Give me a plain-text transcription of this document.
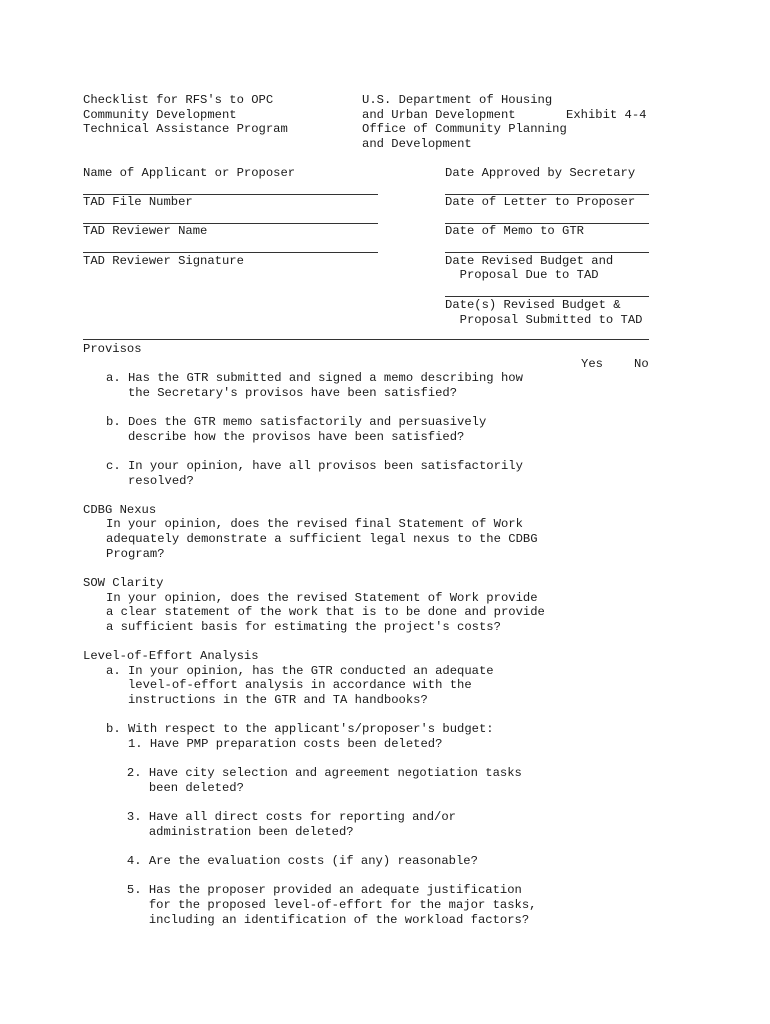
Checklist for RFS's to OPC
Community Development
Technical Assistance Program
U.S. Department of Housing
and Urban Development
Office of Community Planning
and Development
Exhibit 4-4
Name of Applicant or Proposer
TAD File Number
TAD Reviewer Name
TAD Reviewer Signature
Date Approved by Secretary
Date of Letter to Proposer
Date of Memo to GTR
Date Revised Budget and
Proposal Due to TAD
Date(s) Revised Budget &
Proposal Submitted to TAD
Provisos
Yes	No
a. Has the GTR submitted and signed a memo describing how
the Secretary's provisos have been satisfied?
b. Does the GTR memo satisfactorily and persuasively
describe how the provisos have been satisfied?
c. In your opinion, have all provisos been satisfactorily
resolved?
CDBG Nexus
In your opinion, does the revised final Statement of Work
adequately demonstrate a sufficient legal nexus to the CDBG
Program?
SOW Clarity
In your opinion, does the revised Statement of Work provide
a clear statement of the work that is to be done and provide
a sufficient basis for estimating the project's costs?
Level-of-Effort Analysis
a. In your opinion, has the GTR conducted an adequate
level-of-effort analysis in accordance with the
instructions in the GTR and TA handbooks?
b. With respect to the applicant's/proposer's budget:
1. Have PMP preparation costs been deleted?
2. Have city selection and agreement negotiation tasks
been deleted?
3. Have all direct costs for reporting and/or
administration been deleted?
4. Are the evaluation costs (if any) reasonable?
5. Has the proposer provided an adequate justification
for the proposed level-of-effort for the major tasks,
including an identification of the workload factors?
